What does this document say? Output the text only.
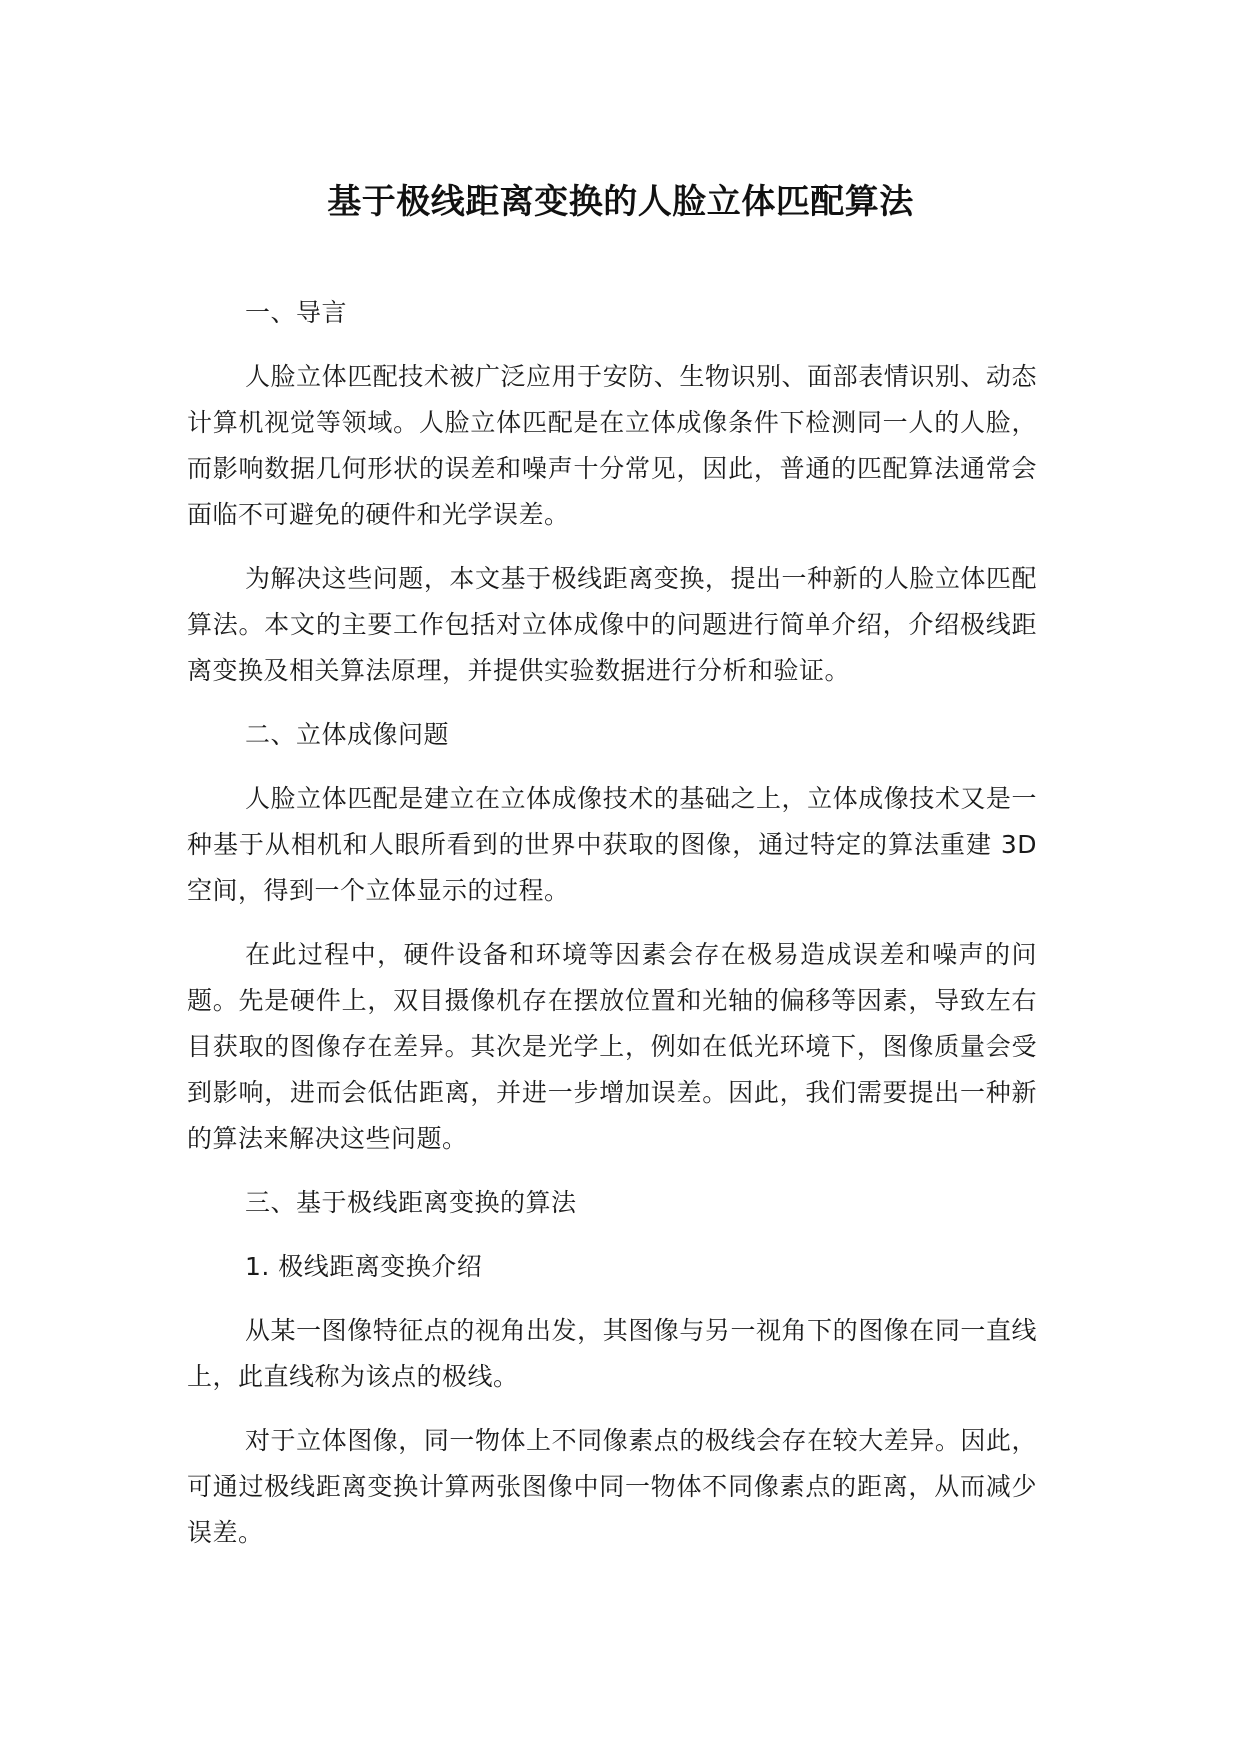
基于极线距离变换的人脸立体匹配算法
一、导言

人脸立体匹配技术被广泛应用于安防、生物识别、面部表情识别、动态计算机视觉等领域。人脸立体匹配是在立体成像条件下检测同一人的人脸，而影响数据几何形状的误差和噪声十分常见，因此，普通的匹配算法通常会面临不可避免的硬件和光学误差。

为解决这些问题，本文基于极线距离变换，提出一种新的人脸立体匹配算法。本文的主要工作包括对立体成像中的问题进行简单介绍，介绍极线距离变换及相关算法原理，并提供实验数据进行分析和验证。

二、立体成像问题

人脸立体匹配是建立在立体成像技术的基础之上，立体成像技术又是一种基于从相机和人眼所看到的世界中获取的图像，通过特定的算法重建 3D 空间，得到一个立体显示的过程。

在此过程中，硬件设备和环境等因素会存在极易造成误差和噪声的问题。先是硬件上，双目摄像机存在摆放位置和光轴的偏移等因素，导致左右目获取的图像存在差异。其次是光学上，例如在低光环境下，图像质量会受到影响，进而会低估距离，并进一步增加误差。因此，我们需要提出一种新的算法来解决这些问题。

三、基于极线距离变换的算法
1. 极线距离变换介绍

从某一图像特征点的视角出发，其图像与另一视角下的图像在同一直线上，此直线称为该点的极线。

对于立体图像，同一物体上不同像素点的极线会存在较大差异。因此，可通过极线距离变换计算两张图像中同一物体不同像素点的距离，从而减少误差。
